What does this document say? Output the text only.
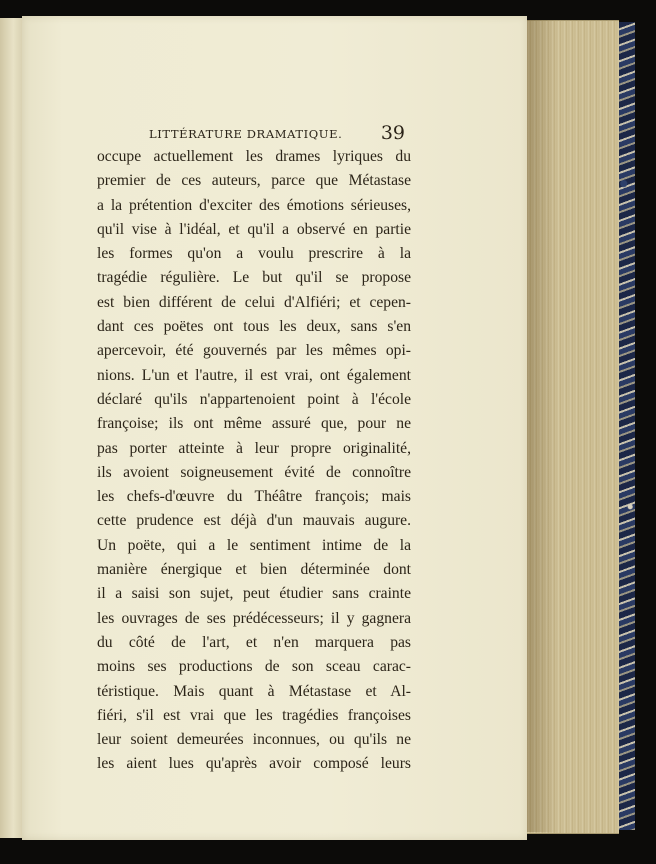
LITTÉRATURE DRAMATIQUE. 39
occupe actuellement les drames lyriques du
premier de ces auteurs, parce que Métastase
a la prétention d'exciter des émotions sérieuses,
qu'il vise à l'idéal, et qu'il a observé en partie
les formes qu'on a voulu prescrire à la
tragédie régulière. Le but qu'il se propose
est bien différent de celui d'Alfiéri; et cepen-
dant ces poëtes ont tous les deux, sans s'en
apercevoir, été gouvernés par les mêmes opi-
nions. L'un et l'autre, il est vrai, ont également
déclaré qu'ils n'appartenoient point à l'école
françoise; ils ont même assuré que, pour ne
pas porter atteinte à leur propre originalité,
ils avoient soigneusement évité de connoître
les chefs-d'œuvre du Théâtre françois; mais
cette prudence est déjà d'un mauvais augure.
Un poëte, qui a le sentiment intime de la
manière énergique et bien déterminée dont
il a saisi son sujet, peut étudier sans crainte
les ouvrages de ses prédécesseurs; il y gagnera
du côté de l'art, et n'en marquera pas
moins ses productions de son sceau carac-
téristique. Mais quant à Métastase et Al-
fiéri, s'il est vrai que les tragédies françoises
leur soient demeurées inconnues, ou qu'ils ne
les aient lues qu'après avoir composé leurs
